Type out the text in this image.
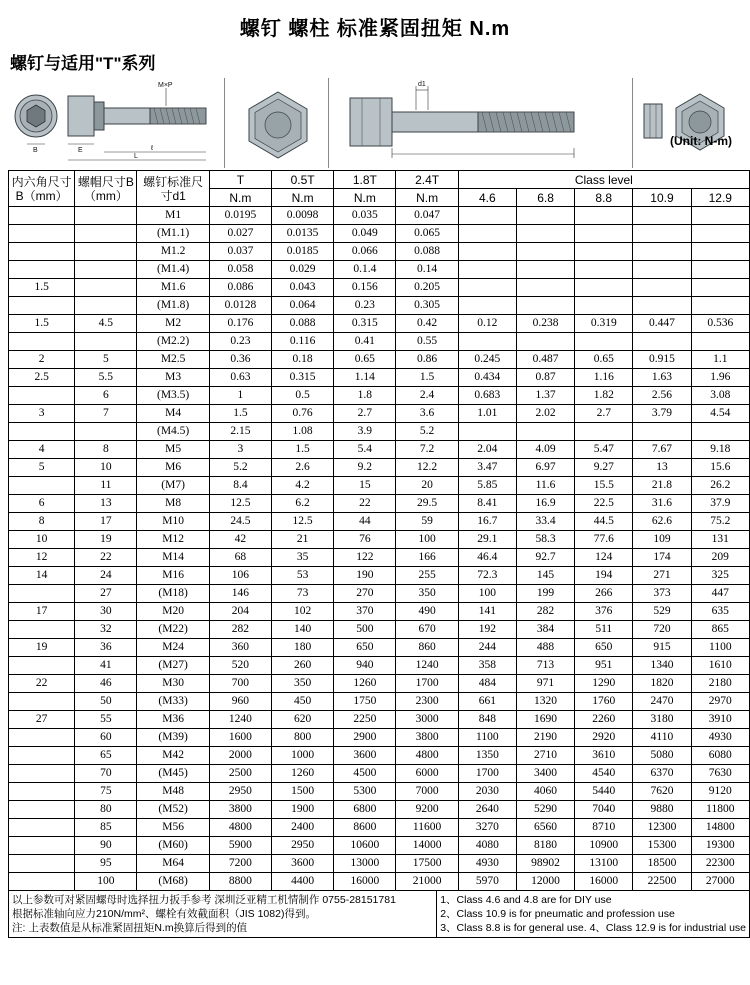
螺钉 螺柱 标准紧固扭矩 N.m
螺钉与适用"T"系列
M×P
B	E	ℓ
L
d1
(Unit: N-m)
内六角尺寸B（mm）	螺帽尺寸B（mm）	螺钉标准尺寸d1	T	0.5T	1.8T	2.4T	Class level				
			N.m	N.m	N.m	N.m	4.6	6.8	8.8	10.9	12.9
		M1	0.0195	0.0098	0.035	0.047					
		(M1.1)	0.027	0.0135	0.049	0.065					
		M1.2	0.037	0.0185	0.066	0.088					
		(M1.4)	0.058	0.029	0.1.4	0.14					
1.5		M1.6	0.086	0.043	0.156	0.205					
		(M1.8)	0.0128	0.064	0.23	0.305					
1.5	4.5	M2	0.176	0.088	0.315	0.42	0.12	0.238	0.319	0.447	0.536
		(M2.2)	0.23	0.116	0.41	0.55					
2	5	M2.5	0.36	0.18	0.65	0.86	0.245	0.487	0.65	0.915	1.1
2.5	5.5	M3	0.63	0.315	1.14	1.5	0.434	0.87	1.16	1.63	1.96
	6	(M3.5)	1	0.5	1.8	2.4	0.683	1.37	1.82	2.56	3.08
3	7	M4	1.5	0.76	2.7	3.6	1.01	2.02	2.7	3.79	4.54
		(M4.5)	2.15	1.08	3.9	5.2					
4	8	M5	3	1.5	5.4	7.2	2.04	4.09	5.47	7.67	9.18
5	10	M6	5.2	2.6	9.2	12.2	3.47	6.97	9.27	13	15.6
	11	(M7)	8.4	4.2	15	20	5.85	11.6	15.5	21.8	26.2
6	13	M8	12.5	6.2	22	29.5	8.41	16.9	22.5	31.6	37.9
8	17	M10	24.5	12.5	44	59	16.7	33.4	44.5	62.6	75.2
10	19	M12	42	21	76	100	29.1	58.3	77.6	109	131
12	22	M14	68	35	122	166	46.4	92.7	124	174	209
14	24	M16	106	53	190	255	72.3	145	194	271	325
	27	(M18)	146	73	270	350	100	199	266	373	447
17	30	M20	204	102	370	490	141	282	376	529	635
	32	(M22)	282	140	500	670	192	384	511	720	865
19	36	M24	360	180	650	860	244	488	650	915	1100
	41	(M27)	520	260	940	1240	358	713	951	1340	1610
22	46	M30	700	350	1260	1700	484	971	1290	1820	2180
	50	(M33)	960	450	1750	2300	661	1320	1760	2470	2970
27	55	M36	1240	620	2250	3000	848	1690	2260	3180	3910
	60	(M39)	1600	800	2900	3800	1100	2190	2920	4110	4930
	65	M42	2000	1000	3600	4800	1350	2710	3610	5080	6080
	70	(M45)	2500	1260	4500	6000	1700	3400	4540	6370	7630
	75	M48	2950	1500	5300	7000	2030	4060	5440	7620	9120
	80	(M52)	3800	1900	6800	9200	2640	5290	7040	9880	11800
	85	M56	4800	2400	8600	11600	3270	6560	8710	12300	14800
	90	(M60)	5900	2950	10600	14000	4080	8180	10900	15300	19300
	95	M64	7200	3600	13000	17500	4930	98902	13100	18500	22300
	100	(M68)	8800	4400	16000	21000	5970	12000	16000	22500	27000
以上参数可对紧固螺母时选择扭力扳手参考 深圳泛亚精工机情制作 0755-28151781
根据标准轴向应力210N/mm²、螺栓有效截面积（JIS 1082)得到。
注: 上表数值是从标准紧固扭矩N.m换算后得到的值
1、Class 4.6 and 4.8 are for DIY use
2、Class 10.9 is for pneumatic and profession use
3、Class 8.8 is for general use. 4、Class 12.9 is for industrial use
